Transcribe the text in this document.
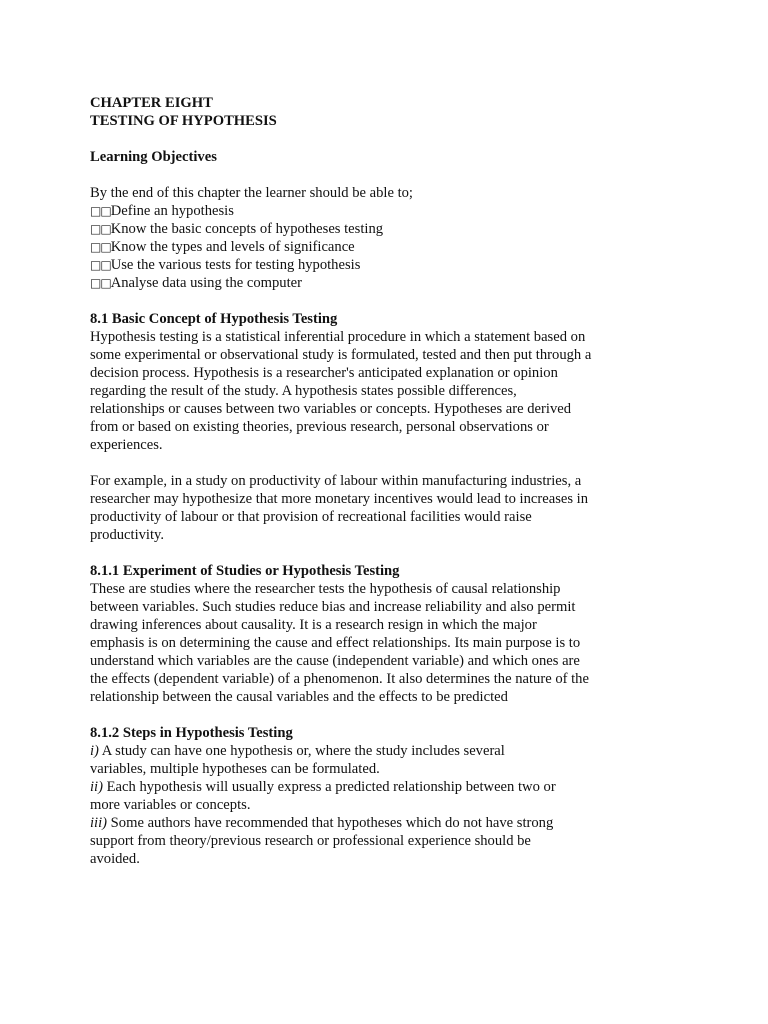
CHAPTER EIGHT
TESTING OF HYPOTHESIS
Learning Objectives
By the end of this chapter the learner should be able to;
□□Define an hypothesis
□□Know the basic concepts of hypotheses testing
□□Know the types and levels of significance
□□Use the various tests for testing hypothesis
□□Analyse data using the computer
8.1 Basic Concept of Hypothesis Testing
Hypothesis testing is a statistical inferential procedure in which a statement based on
some experimental or observational study is formulated, tested and then put through a
decision process. Hypothesis is a researcher's anticipated explanation or opinion
regarding the result of the study. A hypothesis states possible differences,
relationships or causes between two variables or concepts. Hypotheses are derived
from or based on existing theories, previous research, personal observations or
experiences.
For example, in a study on productivity of labour within manufacturing industries, a
researcher may hypothesize that more monetary incentives would lead to increases in
productivity of labour or that provision of recreational facilities would raise
productivity.
8.1.1 Experiment of Studies or Hypothesis Testing
These are studies where the researcher tests the hypothesis of causal relationship
between variables. Such studies reduce bias and increase reliability and also permit
drawing inferences about causality. It is a research resign in which the major
emphasis is on determining the cause and effect relationships. Its main purpose is to
understand which variables are the cause (independent variable) and which ones are
the effects (dependent variable) of a phenomenon. It also determines the nature of the
relationship between the causal variables and the effects to be predicted
8.1.2 Steps in Hypothesis Testing
i) A study can have one hypothesis or, where the study includes several
variables, multiple hypotheses can be formulated.
ii) Each hypothesis will usually express a predicted relationship between two or
more variables or concepts.
iii) Some authors have recommended that hypotheses which do not have strong
support from theory/previous research or professional experience should be
avoided.
